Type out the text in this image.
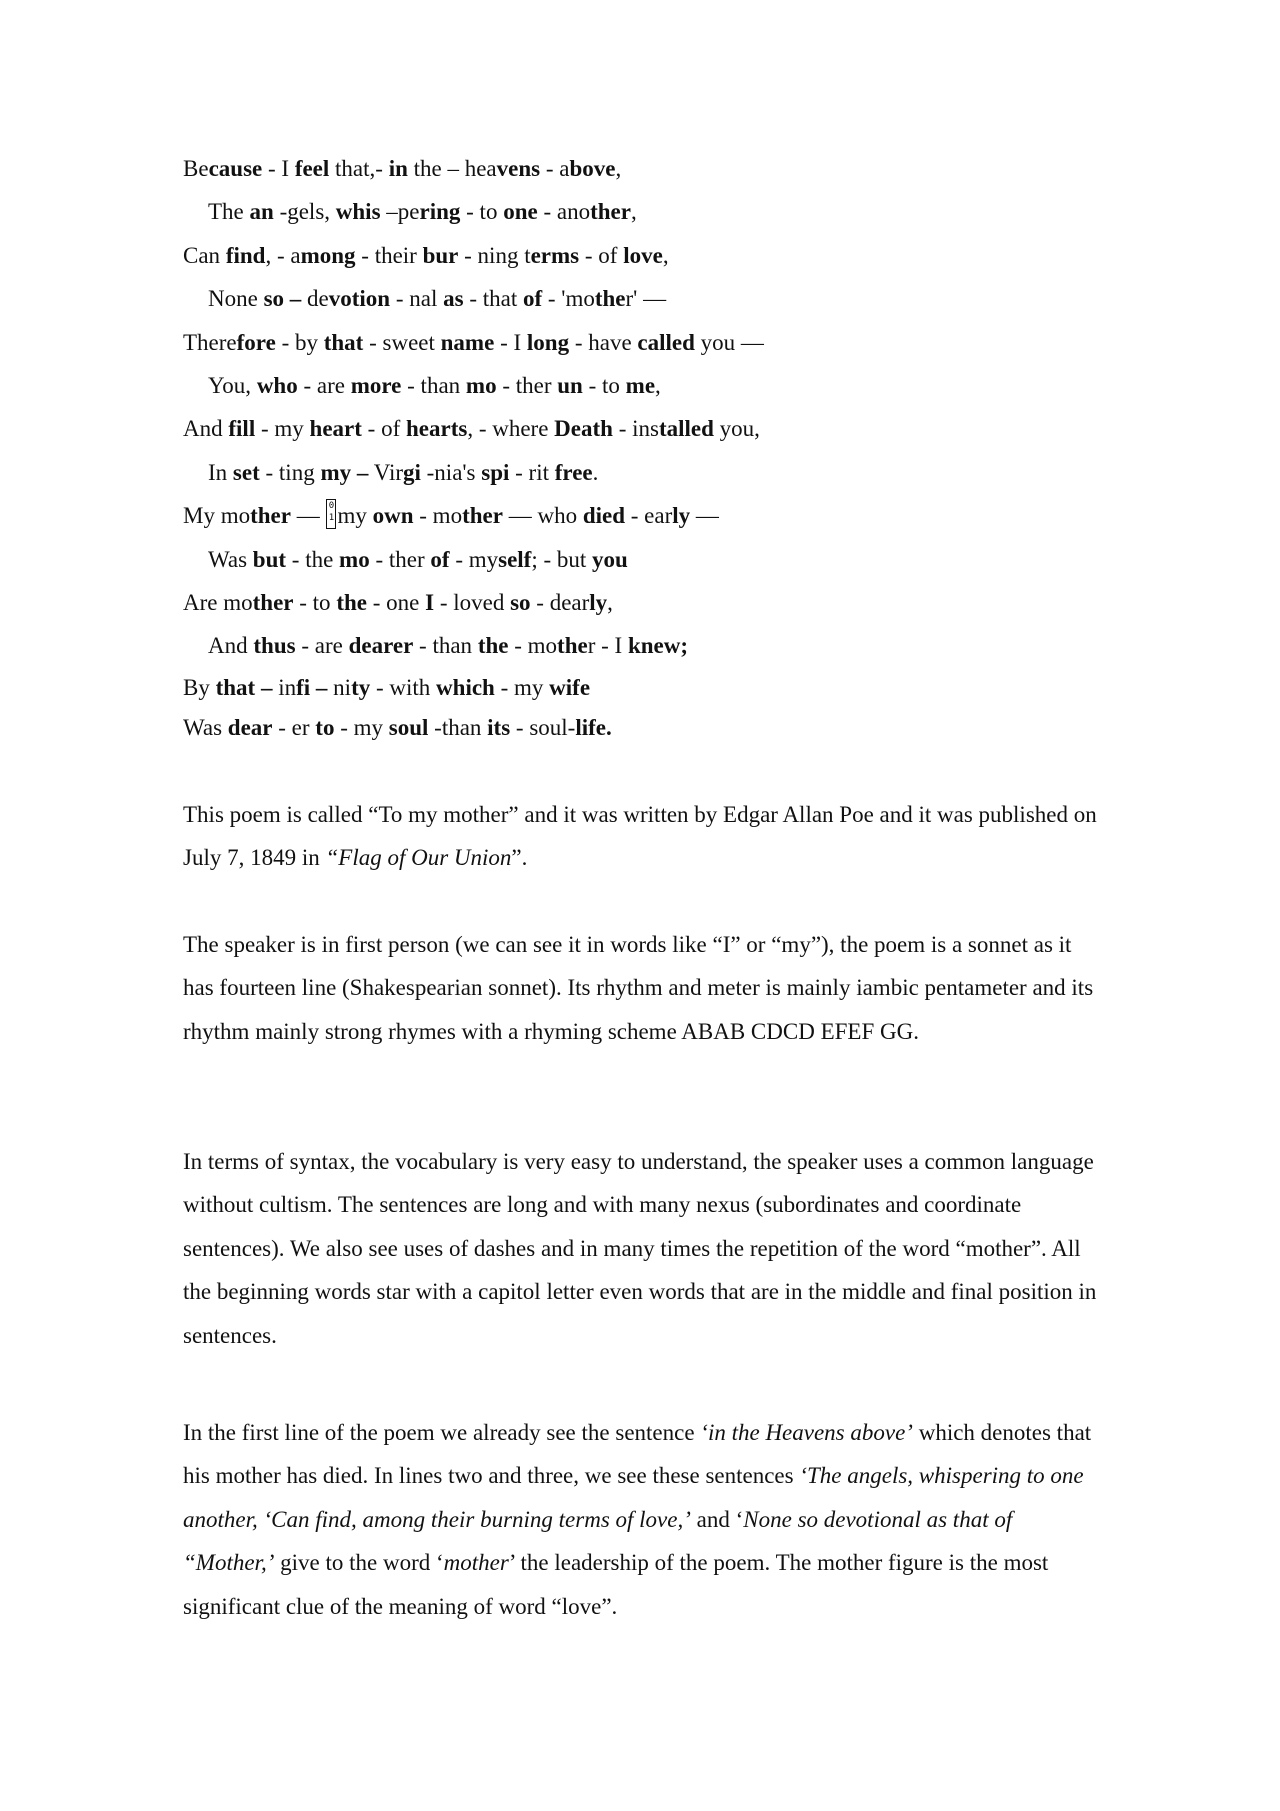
Because - I feel that,- in the – heavens - above,
The an -gels, whis –pering - to one - another,
Can find, - among - their bur - ning terms - of love,
None so – devotion - nal as - that of - 'mother' —
Therefore - by that - sweet name - I long - have called you —
You, who - are more - than mo - ther un - to me,
And fill - my heart - of hearts, - where Death - installed you,
In set - ting my – Virgi -nia's spi - rit free.
My mother — 0
1 my own - mother — who died - early —
Was but - the mo - ther of - myself; - but you
Are mother - to the - one I - loved so - dearly,
And thus - are dearer - than the - mother - I knew;
By that – infi – nity - with which - my wife
Was dear - er to - my soul -than its - soul-life.

This poem is called “To my mother” and it was written by Edgar Allan Poe and it was published on July 7, 1849 in “Flag of Our Union”.

The speaker is in first person (we can see it in words like “I” or “my”), the poem is a sonnet as it has fourteen line (Shakespearian sonnet). Its rhythm and meter is mainly iambic pentameter and its rhythm mainly strong rhymes with a rhyming scheme ABAB CDCD EFEF GG.

In terms of syntax, the vocabulary is very easy to understand, the speaker uses a common language without cultism. The sentences are long and with many nexus (subordinates and coordinate sentences). We also see uses of dashes and in many times the repetition of the word “mother”. All the beginning words star with a capitol letter even words that are in the middle and final position in sentences.

In the first line of the poem we already see the sentence ‘in the Heavens above’ which denotes that his mother has died. In lines two and three, we see these sentences ‘The angels, whispering to one another, ‘Can find, among their burning terms of love,’ and ‘None so devotional as that of “Mother,’ give to the word ‘mother’ the leadership of the poem. The mother figure is the most significant clue of the meaning of word “love”.
